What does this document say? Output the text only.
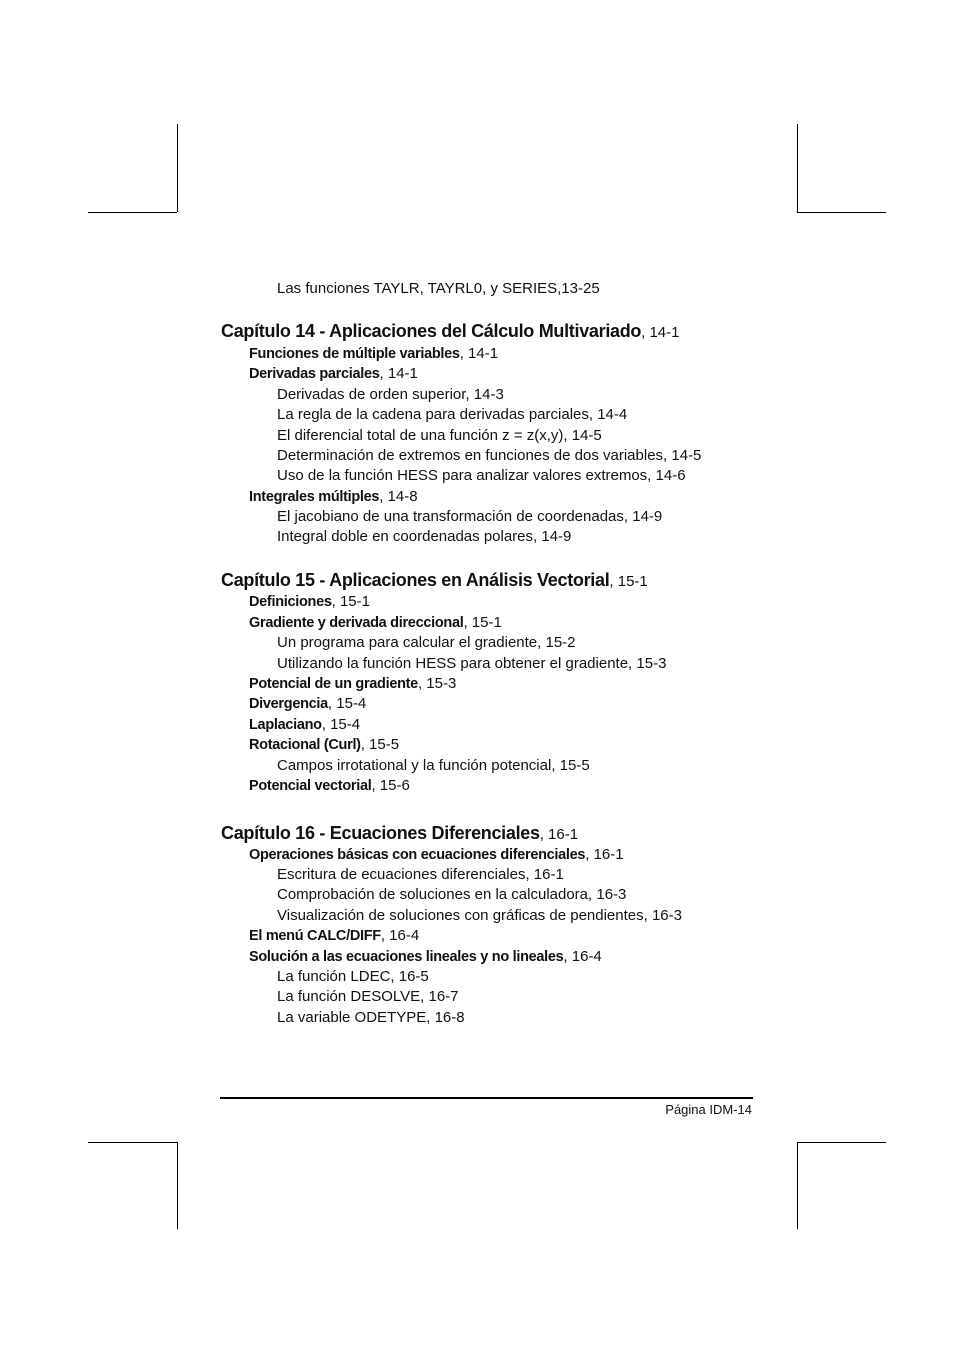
Las funciones TAYLR, TAYRL0, y SERIES,13-25
Capítulo 14 - Aplicaciones del Cálculo Multivariado, 14-1
Funciones de múltiple variables, 14-1
Derivadas parciales, 14-1
Derivadas de orden superior, 14-3
La regla de la cadena para derivadas parciales, 14-4
El diferencial total de una función z = z(x,y), 14-5
Determinación de extremos en funciones de dos variables, 14-5
Uso de la función HESS para analizar valores extremos, 14-6
Integrales múltiples, 14-8
El jacobiano de una transformación de coordenadas, 14-9
Integral doble en coordenadas polares, 14-9
Capítulo 15 - Aplicaciones en Análisis Vectorial, 15-1
Definiciones, 15-1
Gradiente y derivada direccional, 15-1
Un programa para calcular el gradiente, 15-2
Utilizando la función HESS para obtener el gradiente, 15-3
Potencial de un gradiente, 15-3
Divergencia, 15-4
Laplaciano, 15-4
Rotacional (Curl), 15-5
Campos irrotational y la función potencial, 15-5
Potencial vectorial, 15-6
Capítulo 16 - Ecuaciones Diferenciales, 16-1
Operaciones básicas con ecuaciones diferenciales, 16-1
Escritura de ecuaciones diferenciales, 16-1
Comprobación de soluciones en la calculadora, 16-3
Visualización de soluciones con gráficas de pendientes, 16-3
El menú CALC/DIFF, 16-4
Solución a las ecuaciones lineales y no lineales, 16-4
La función LDEC, 16-5
La función DESOLVE, 16-7
La variable ODETYPE, 16-8
Página IDM-14
